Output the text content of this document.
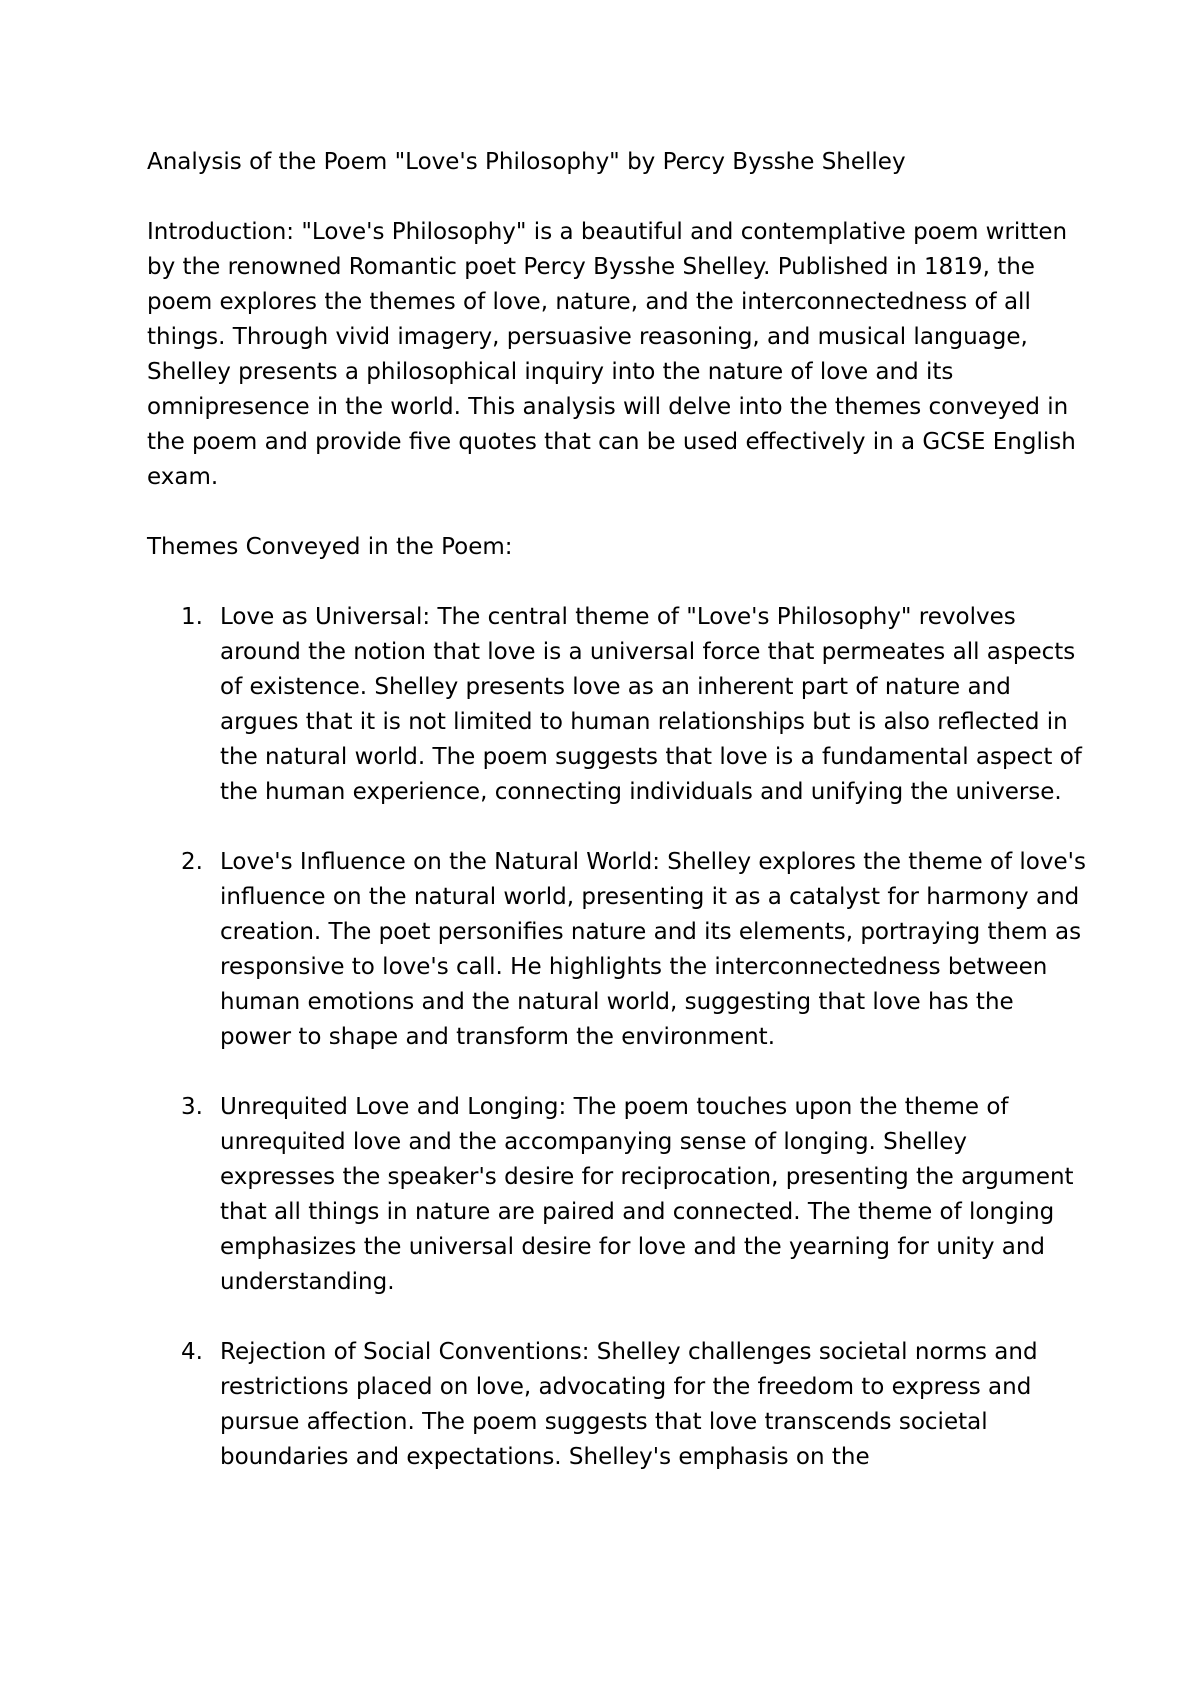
Analysis of the Poem "Love's Philosophy" by Percy Bysshe Shelley

Introduction: "Love's Philosophy" is a beautiful and contemplative poem written by the renowned Romantic poet Percy Bysshe Shelley. Published in 1819, the poem explores the themes of love, nature, and the interconnectedness of all things. Through vivid imagery, persuasive reasoning, and musical language, Shelley presents a philosophical inquiry into the nature of love and its omnipresence in the world. This analysis will delve into the themes conveyed in the poem and provide five quotes that can be used effectively in a GCSE English exam.

Themes Conveyed in the Poem:

1. Love as Universal: The central theme of "Love's Philosophy" revolves around the notion that love is a universal force that permeates all aspects of existence. Shelley presents love as an inherent part of nature and argues that it is not limited to human relationships but is also reflected in the natural world. The poem suggests that love is a fundamental aspect of the human experience, connecting individuals and unifying the universe.
2. Love's Influence on the Natural World: Shelley explores the theme of love's influence on the natural world, presenting it as a catalyst for harmony and creation. The poet personifies nature and its elements, portraying them as responsive to love's call. He highlights the interconnectedness between human emotions and the natural world, suggesting that love has the power to shape and transform the environment.
3. Unrequited Love and Longing: The poem touches upon the theme of unrequited love and the accompanying sense of longing. Shelley expresses the speaker's desire for reciprocation, presenting the argument that all things in nature are paired and connected. The theme of longing emphasizes the universal desire for love and the yearning for unity and understanding.
4. Rejection of Social Conventions: Shelley challenges societal norms and restrictions placed on love, advocating for the freedom to express and pursue affection. The poem suggests that love transcends societal boundaries and expectations. Shelley's emphasis on the
